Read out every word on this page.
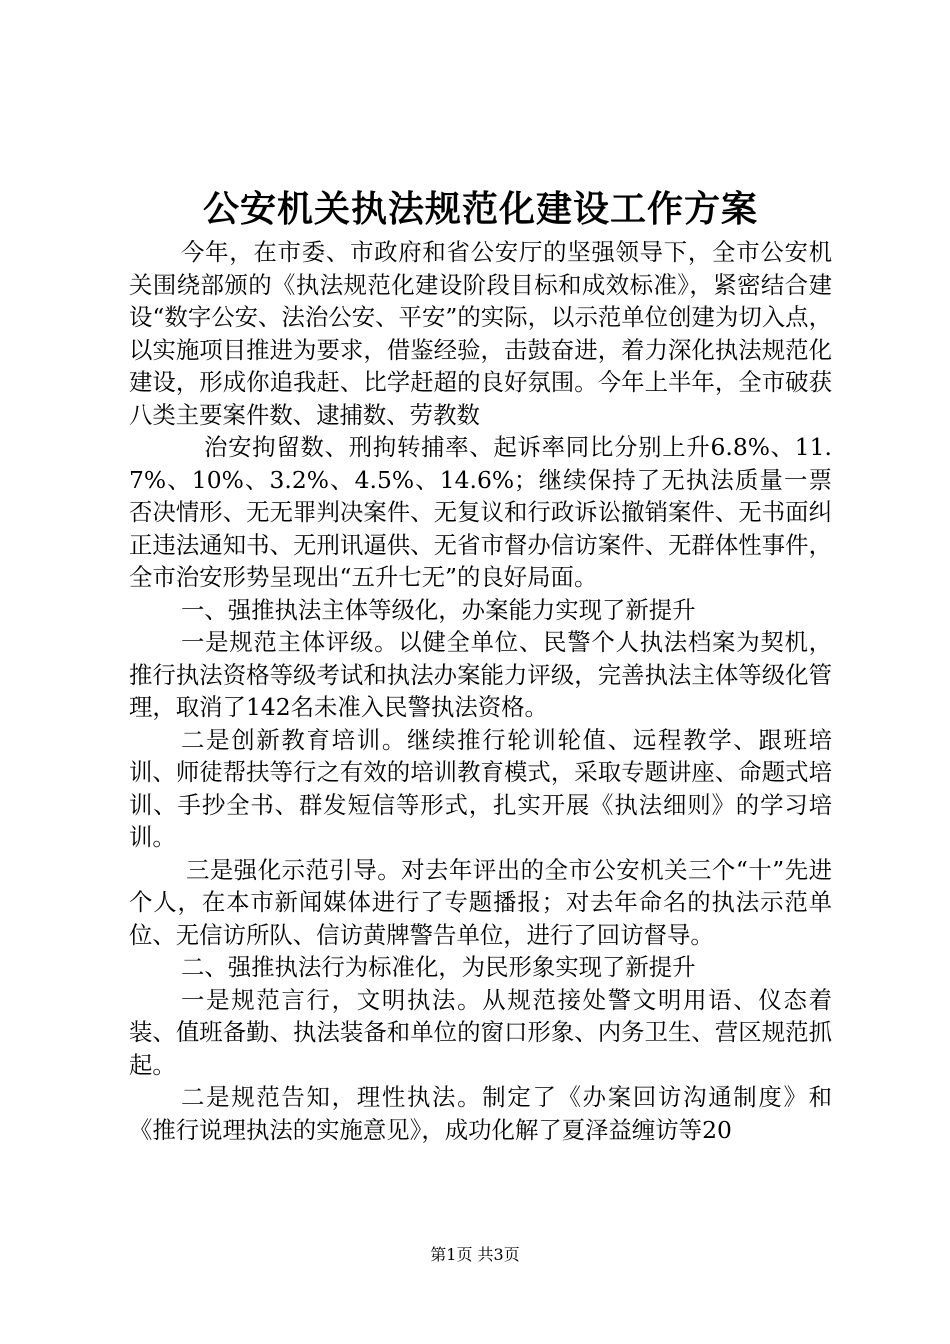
公安机关执法规范化建设工作方案

今年，在市委、市政府和省公安厅的坚强领导下，全市公安机关围绕部颁的《执法规范化建设阶段目标和成效标准》，紧密结合建设“数字公安、法治公安、平安”的实际，以示范单位创建为切入点，以实施项目推进为要求，借鉴经验，击鼓奋进，着力深化执法规范化建设，形成你追我赶、比学赶超的良好氛围。今年上半年，全市破获八类主要案件数、逮捕数、劳教数

治安拘留数、刑拘转捕率、起诉率同比分别上升6.8%、11.7%、10%、3.2%、4.5%、14.6%；继续保持了无执法质量一票否决情形、无无罪判决案件、无复议和行政诉讼撤销案件、无书面纠正违法通知书、无刑讯逼供、无省市督办信访案件、无群体性事件，全市治安形势呈现出“五升七无”的良好局面。

一、强推执法主体等级化，办案能力实现了新提升

一是规范主体评级。以健全单位、民警个人执法档案为契机，推行执法资格等级考试和执法办案能力评级，完善执法主体等级化管理，取消了142名未准入民警执法资格。

二是创新教育培训。继续推行轮训轮值、远程教学、跟班培训、师徒帮扶等行之有效的培训教育模式，采取专题讲座、命题式培训、手抄全书、群发短信等形式，扎实开展《执法细则》的学习培训。

三是强化示范引导。对去年评出的全市公安机关三个“十”先进个人，在本市新闻媒体进行了专题播报；对去年命名的执法示范单位、无信访所队、信访黄牌警告单位，进行了回访督导。

二、强推执法行为标准化，为民形象实现了新提升

一是规范言行，文明执法。从规范接处警文明用语、仪态着装、值班备勤、执法装备和单位的窗口形象、内务卫生、营区规范抓起。

二是规范告知，理性执法。制定了《办案回访沟通制度》和《推行说理执法的实施意见》，成功化解了夏泽益缠访等20

第1页 共3页
